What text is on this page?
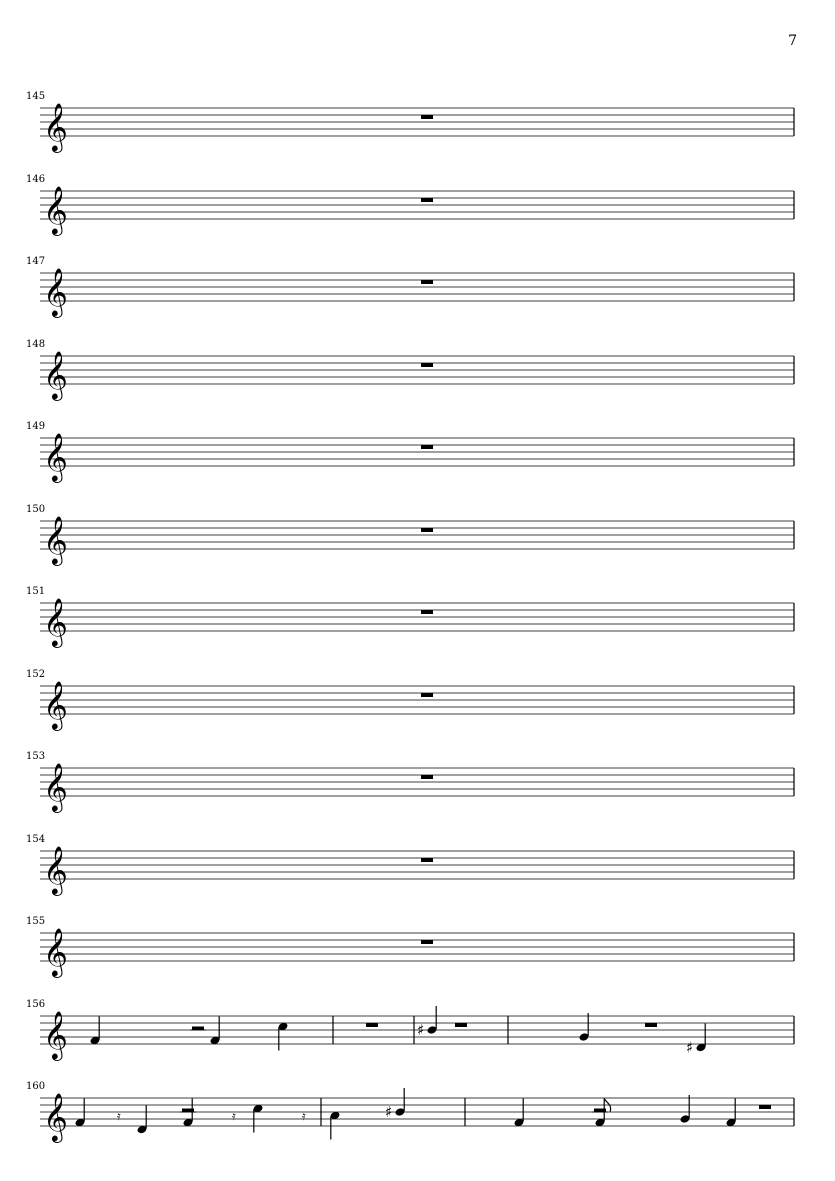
7
𝄞
145
𝄞
146
𝄞
147
𝄞
148
𝄞
149
𝄞
150
𝄞
151
𝄞
152
𝄞
153
𝄞
154
𝄞
155
𝄞
156
♯
♯
𝄞
160
𝄿	𝄿	𝄿	♯
